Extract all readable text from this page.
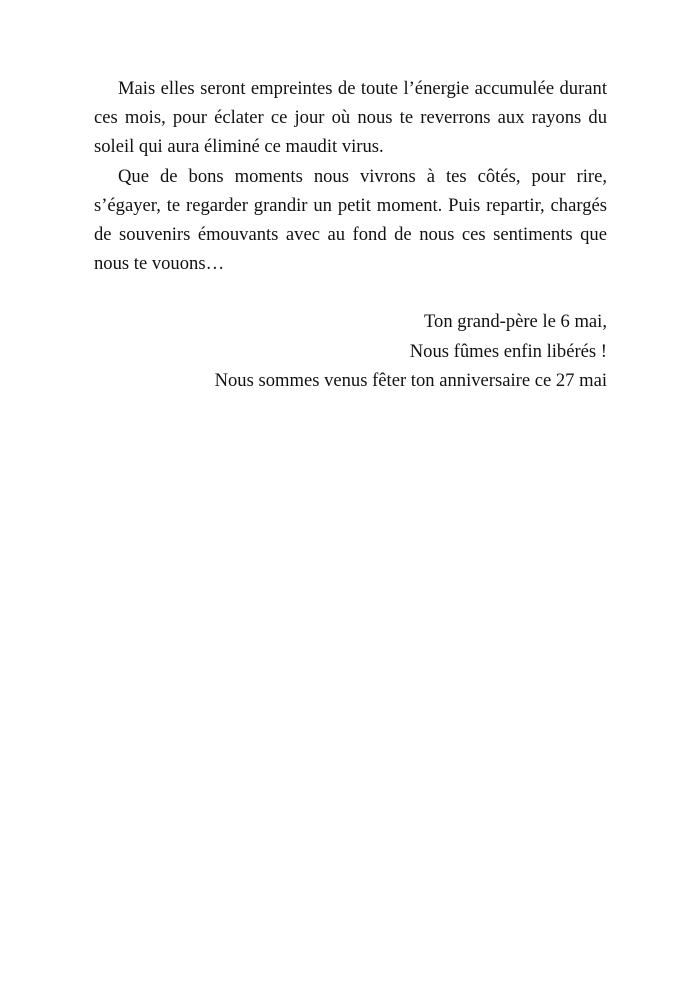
Mais elles seront empreintes de toute l’énergie accumulée durant ces mois, pour éclater ce jour où nous te reverrons aux rayons du soleil qui aura éliminé ce maudit virus.

Que de bons moments nous vivrons à tes côtés, pour rire, s’égayer, te regarder grandir un petit moment. Puis repartir, chargés de souvenirs émouvants avec au fond de nous ces sentiments que nous te vouons…

Ton grand-père le 6 mai,
Nous fûmes enfin libérés !
Nous sommes venus fêter ton anniversaire ce 27 mai
